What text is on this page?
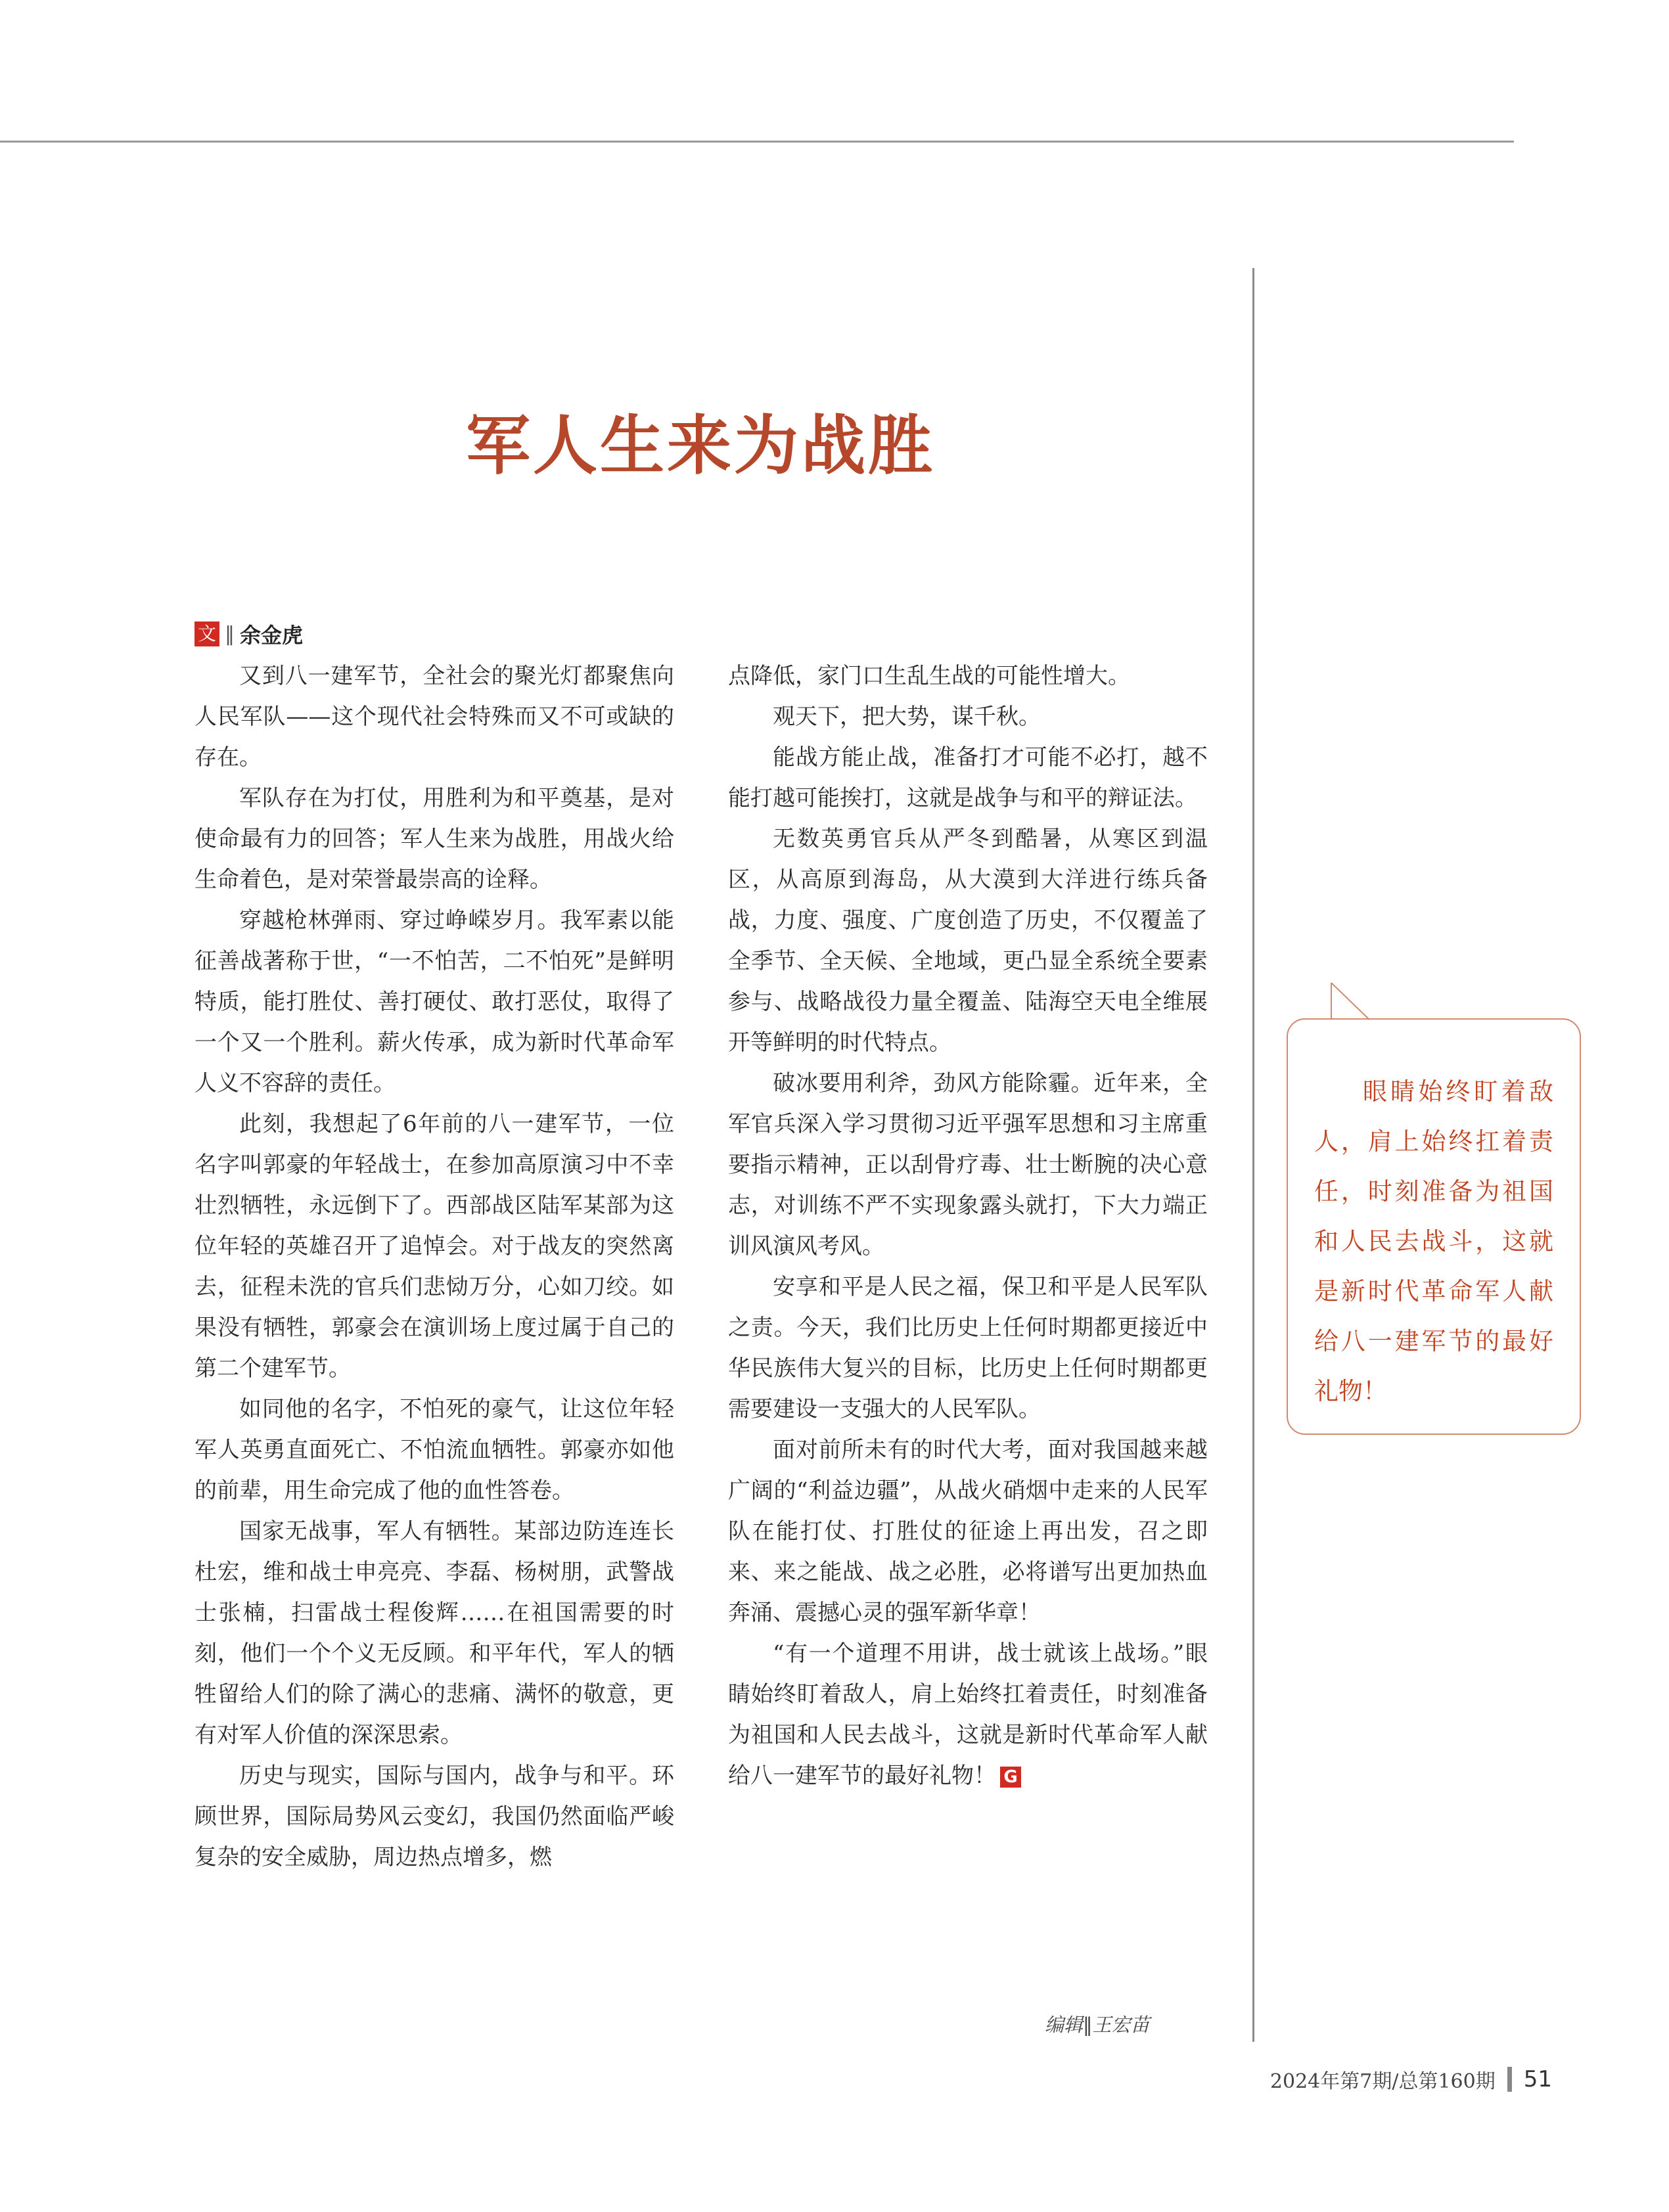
军人生来为战胜
文 ‖ 余金虎

又到八一建军节，全社会的聚光灯都聚焦向人民军队——这个现代社会特殊而又不可或缺的存在。

军队存在为打仗，用胜利为和平奠基，是对使命最有力的回答；军人生来为战胜，用战火给生命着色，是对荣誉最崇高的诠释。

穿越枪林弹雨、穿过峥嵘岁月。我军素以能征善战著称于世，“一不怕苦，二不怕死”是鲜明特质，能打胜仗、善打硬仗、敢打恶仗，取得了一个又一个胜利。薪火传承，成为新时代革命军人义不容辞的责任。

此刻，我想起了6年前的八一建军节，一位名字叫郭豪的年轻战士，在参加高原演习中不幸壮烈牺牲，永远倒下了。西部战区陆军某部为这位年轻的英雄召开了追悼会。对于战友的突然离去，征程未洗的官兵们悲恸万分，心如刀绞。如果没有牺牲，郭豪会在演训场上度过属于自己的第二个建军节。

如同他的名字，不怕死的豪气，让这位年轻军人英勇直面死亡、不怕流血牺牲。郭豪亦如他的前辈，用生命完成了他的血性答卷。

国家无战事，军人有牺牲。某部边防连连长杜宏，维和战士申亮亮、李磊、杨树朋，武警战士张楠，扫雷战士程俊辉……在祖国需要的时刻，他们一个个义无反顾。和平年代，军人的牺牲留给人们的除了满心的悲痛、满怀的敬意，更有对军人价值的深深思索。

历史与现实，国际与国内，战争与和平。环顾世界，国际局势风云变幻，我国仍然面临严峻复杂的安全威胁，周边热点增多，燃

点降低，家门口生乱生战的可能性增大。

观天下，把大势，谋千秋。

能战方能止战，准备打才可能不必打，越不能打越可能挨打，这就是战争与和平的辩证法。

无数英勇官兵从严冬到酷暑，从寒区到温区，从高原到海岛，从大漠到大洋进行练兵备战，力度、强度、广度创造了历史，不仅覆盖了全季节、全天候、全地域，更凸显全系统全要素参与、战略战役力量全覆盖、陆海空天电全维展开等鲜明的时代特点。

破冰要用利斧，劲风方能除霾。近年来，全军官兵深入学习贯彻习近平强军思想和习主席重要指示精神，正以刮骨疗毒、壮士断腕的决心意志，对训练不严不实现象露头就打，下大力端正训风演风考风。

安享和平是人民之福，保卫和平是人民军队之责。今天，我们比历史上任何时期都更接近中华民族伟大复兴的目标，比历史上任何时期都更需要建设一支强大的人民军队。

面对前所未有的时代大考，面对我国越来越广阔的“利益边疆”，从战火硝烟中走来的人民军队在能打仗、打胜仗的征途上再出发，召之即来、来之能战、战之必胜，必将谱写出更加热血奔涌、震撼心灵的强军新华章！

“有一个道理不用讲，战士就该上战场。”眼睛始终盯着敌人，肩上始终扛着责任，时刻准备为祖国和人民去战斗，这就是新时代革命军人献给八一建军节的最好礼物！ G

眼睛始终盯着敌人，肩上始终扛着责任，时刻准备为祖国和人民去战斗，这就是新时代革命军人献给八一建军节的最好礼物！

编辑‖王宏苗
2024年第7期/总第160期 51
